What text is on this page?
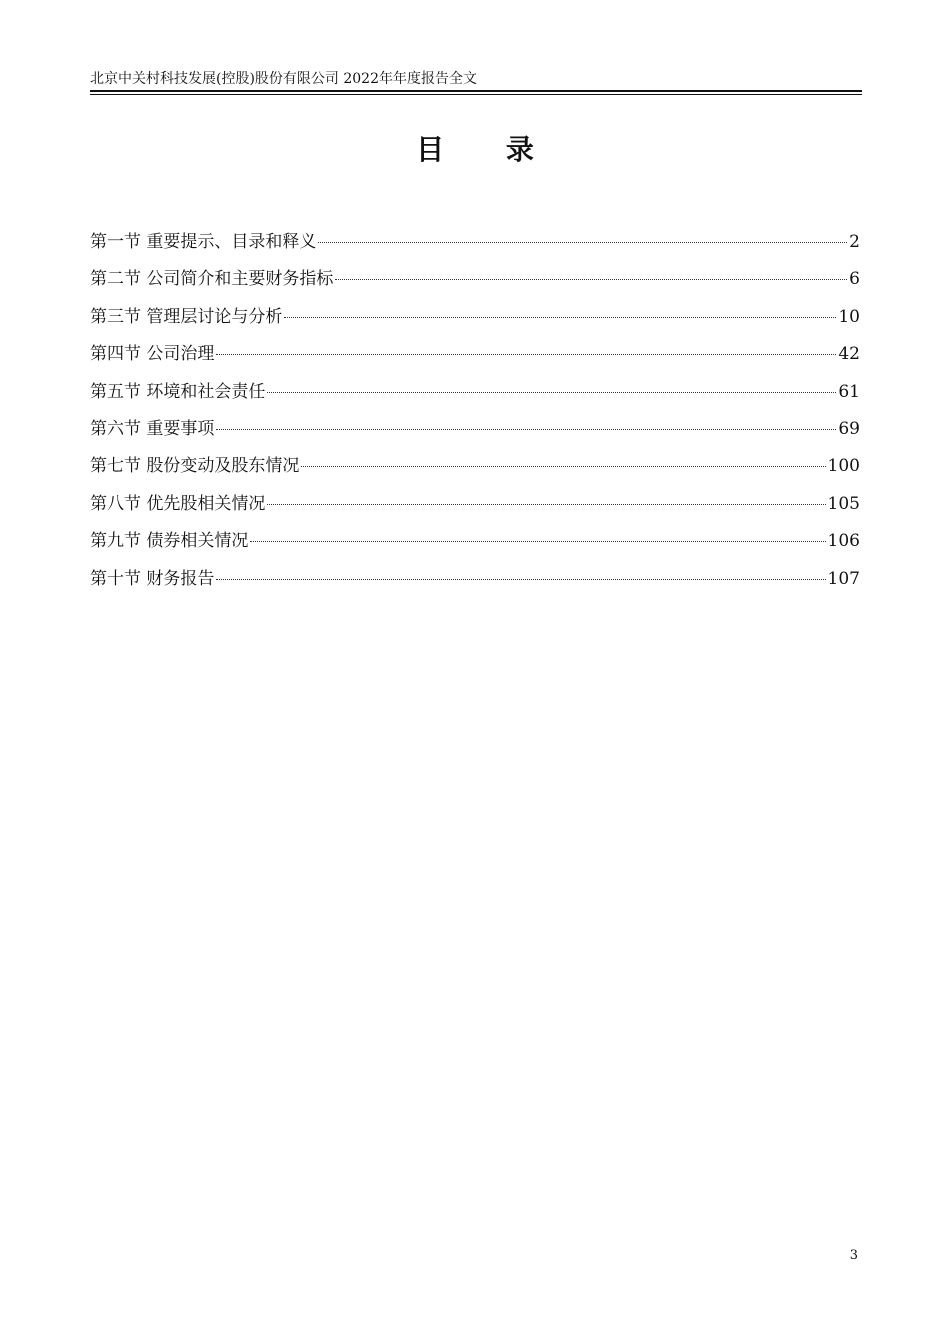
北京中关村科技发展(控股)股份有限公司 2022年年度报告全文
目 录
第一节 重要提示、目录和释义	2
第二节 公司简介和主要财务指标	6
第三节 管理层讨论与分析	10
第四节 公司治理	42
第五节 环境和社会责任	61
第六节 重要事项	69
第七节 股份变动及股东情况	100
第八节 优先股相关情况	105
第九节 债券相关情况	106
第十节 财务报告	107
3
